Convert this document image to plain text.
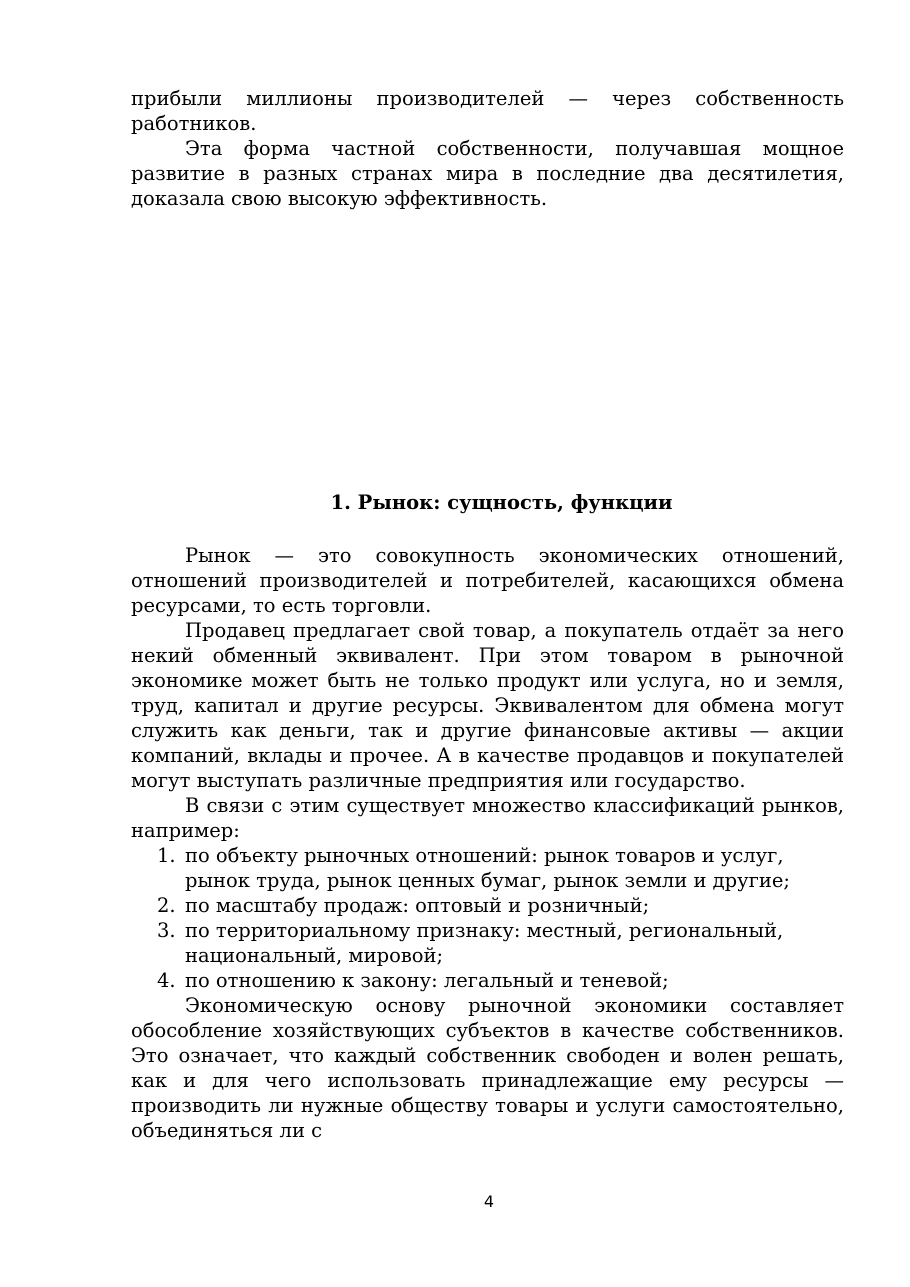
прибыли миллионы производителей — через собственность работников.

Эта форма частной собственности, получавшая мощное развитие в разных странах мира в последние два десятилетия, доказала свою высокую эффективность.

1. Рынок: сущность, функции

Рынок — это совокупность экономических отношений, отношений производителей и потребителей, касающихся обмена ресурсами, то есть торговли.

Продавец предлагает свой товар, а покупатель отдаёт за него некий обменный эквивалент. При этом товаром в рыночной экономике может быть не только продукт или услуга, но и земля, труд, капитал и другие ресурсы. Эквивалентом для обмена могут служить как деньги, так и другие финансовые активы — акции компаний, вклады и прочее. А в качестве продавцов и покупателей могут выступать различные предприятия или государство.

В связи с этим существует множество классификаций рынков, например:

1. по объекту рыночных отношений: рынок товаров и услуг, рынок труда, рынок ценных бумаг, рынок земли и другие;
2. по масштабу продаж: оптовый и розничный;
3. по территориальному признаку: местный, региональный, национальный, мировой;
4. по отношению к закону: легальный и теневой;

Экономическую основу рыночной экономики составляет обособление хозяйствующих субъектов в качестве собственников. Это означает, что каждый собственник свободен и волен решать, как и для чего использовать принадлежащие ему ресурсы — производить ли нужные обществу товары и услуги самостоятельно, объединяться ли с

4
